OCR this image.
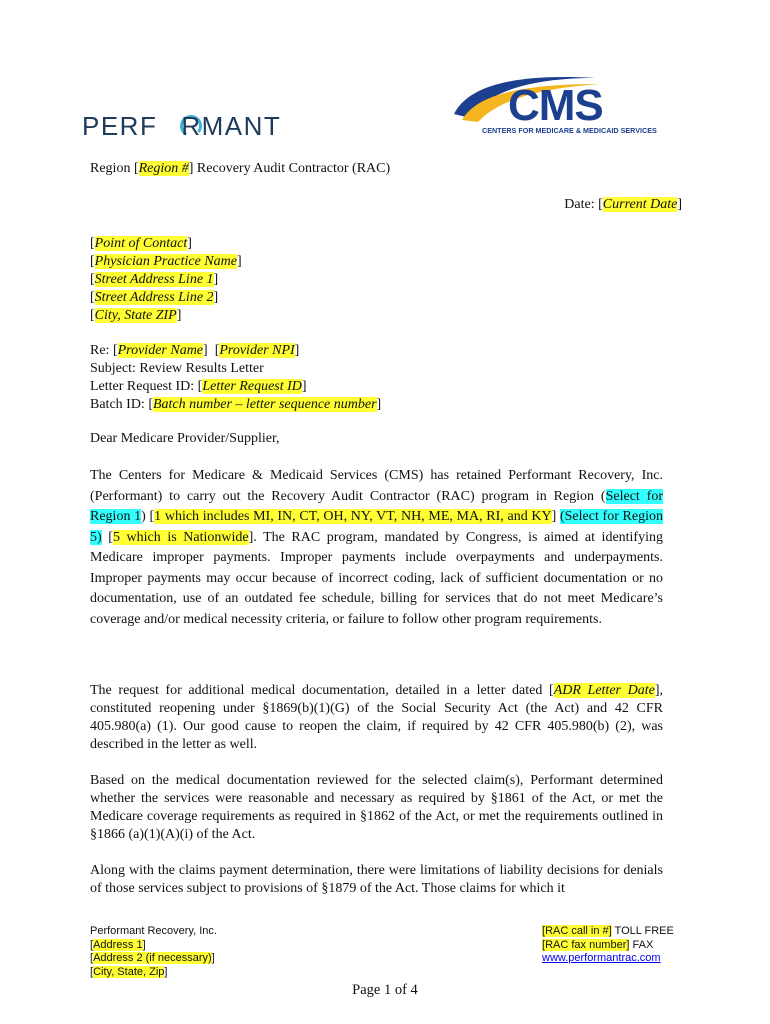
PERF RMANT	CMS
CENTERS FOR MEDICARE & MEDICAID SERVICES
Region [Region #] Recovery Audit Contractor (RAC)
Date: [Current Date]
[Point of Contact]
[Physician Practice Name]
[Street Address Line 1]
[Street Address Line 2]
[City, State ZIP]
Re: [Provider Name]  [Provider NPI]
Subject: Review Results Letter
Letter Request ID: [Letter Request ID]
Batch ID: [Batch number – letter sequence number]
Dear Medicare Provider/Supplier,
The Centers for Medicare & Medicaid Services (CMS) has retained Performant Recovery, Inc. (Performant) to carry out the Recovery Audit Contractor (RAC) program in Region (Select for Region 1) [1 which includes MI, IN, CT, OH, NY, VT, NH, ME, MA, RI, and KY] (Select for Region 5) [5 which is Nationwide]. The RAC program, mandated by Congress, is aimed at identifying Medicare improper payments. Improper payments include overpayments and underpayments. Improper payments may occur because of incorrect coding, lack of sufficient documentation or no documentation, use of an outdated fee schedule, billing for services that do not meet Medicare’s coverage and/or medical necessity criteria, or failure to follow other program requirements.
The request for additional medical documentation, detailed in a letter dated [ADR Letter Date], constituted reopening under §1869(b)(1)(G) of the Social Security Act (the Act) and 42 CFR 405.980(a) (1). Our good cause to reopen the claim, if required by 42 CFR 405.980(b) (2), was described in the letter as well.
Based on the medical documentation reviewed for the selected claim(s), Performant determined whether the services were reasonable and necessary as required by §1861 of the Act, or met the Medicare coverage requirements as required in §1862 of the Act, or met the requirements outlined in §1866 (a)(1)(A)(i) of the Act.
Along with the claims payment determination, there were limitations of liability decisions for denials of those services subject to provisions of §1879 of the Act. Those claims for which it
Performant Recovery, Inc.
[Address 1]
[Address 2 (if necessary)]
[City, State, Zip]
[RAC call in #] TOLL FREE
[RAC fax number] FAX
www.performantrac.com
Page 1 of 4
